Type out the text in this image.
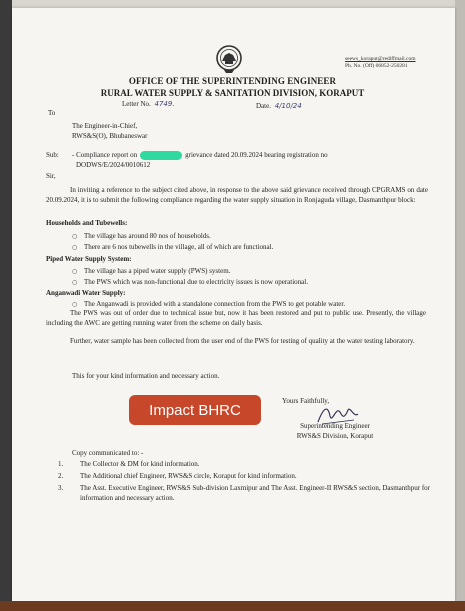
seews_koraput@rediffmail.com
Ph. No. (Off) 06852-250281
OFFICE OF THE SUPERINTENDING ENGINEER
RURAL WATER SUPPLY & SANITATION DIVISION, KORAPUT
Letter No. 4749.	Date. 4/10/24
To
The Engineer-in-Chief,
RWS&S(O), Bhubaneswar
Sub: - Compliance report on	grievance dated 20.09.2024 bearing registration no
DODWS/E/2024/0010612
Sir,
In inviting a reference to the subject cited above, in response to the above said grievance received through CPGRAMS on date 20.09.2024, it is to submit the following compliance regarding the water supply situation in Ronjaguda village, Dasmanthpur block:
Households and Tubewells:
○ The village has around 80 nos of households.
○ There are 6 nos tubewells in the village, all of which are functional.
Piped Water Supply System:
○ The village has a piped water supply (PWS) system.
○ The PWS which was non-functional due to electricity issues is now operational.
Anganwadi Water Supply:
○ The Anganwadi is provided with a standalone connection from the PWS to get potable water.
The PWS was out of order due to technical issue but, now it has been restored and put to public use. Presently, the village including the AWC are getting running water from the scheme on daily basis.
Further, water sample has been collected from the user end of the PWS for testing of quality at the water testing laboratory.
This for your kind information and necessary action.
Impact BHRC
Yours Faithfully,
Superintending Engineer
RWS&S Division, Koraput
Copy communicated to: -
1. The Collector & DM for kind information.
2. The Additional chief Engineer, RWS&S circle, Koraput for kind information.
3. The Asst. Executive Engineer, RWS&S Sub-division Laxmipur and The Asst. Engineer-II RWS&S section, Dasmanthpur for information and necessary action.
